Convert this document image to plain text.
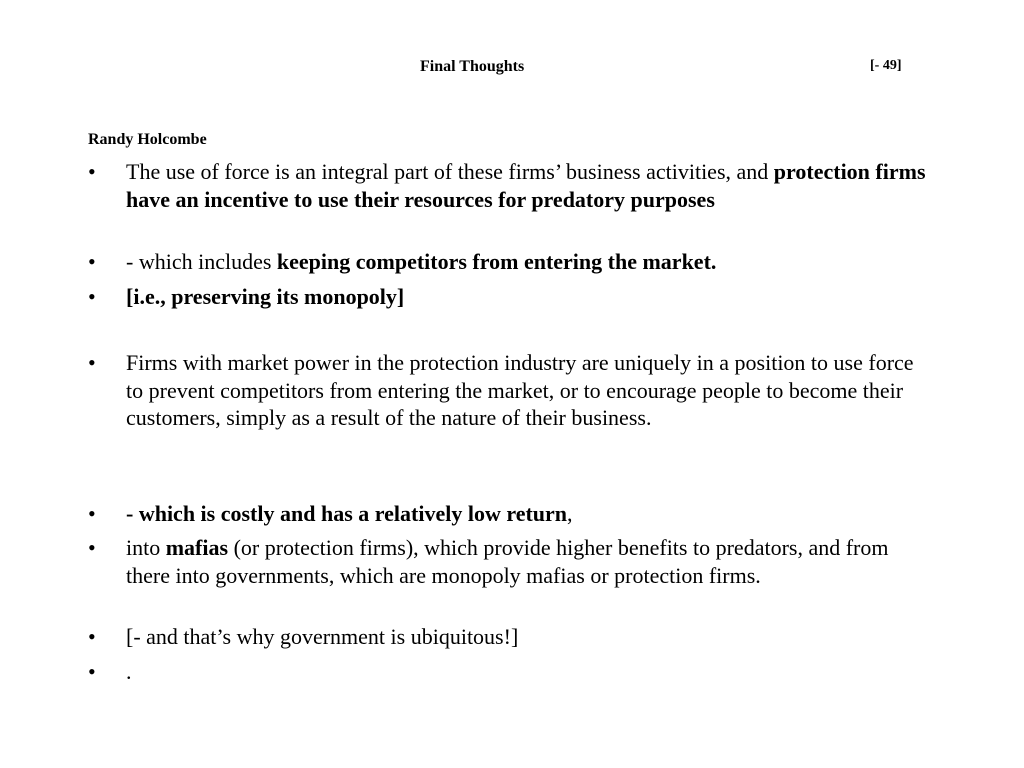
Final Thoughts	[- 49]
Randy Holcombe
•	The use of force is an integral part of these firms’ business activities, and protection firms have an incentive to use their resources for predatory purposes
•	- which includes keeping competitors from entering the market.
•	[i.e., preserving its monopoly]
•	Firms with market power in the protection industry are uniquely in a position to use force to prevent competitors from entering the market, or to encourage people to become their customers, simply as a result of the nature of their business.
•	- which is costly and has a relatively low return,
•	into mafias (or protection firms), which provide higher benefits to predators, and from there into governments, which are monopoly mafias or protection firms.
•	[- and that’s why government is ubiquitous!]
•	.
